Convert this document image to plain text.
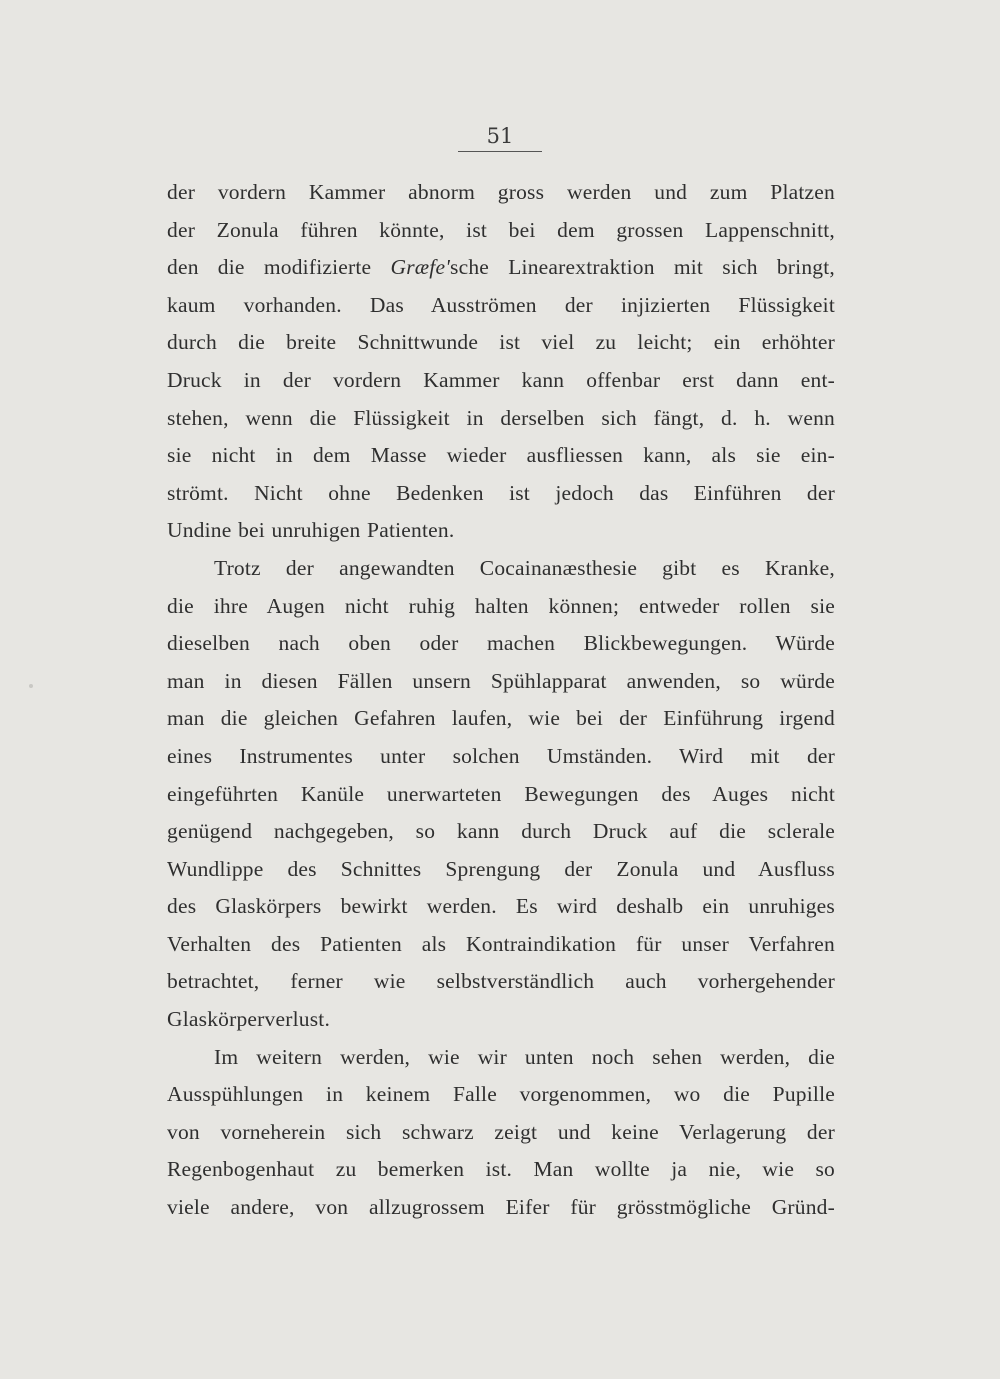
51
der vordern Kammer abnorm gross werden und zum Platzen
der Zonula führen könnte, ist bei dem grossen Lappenschnitt,
den die modifizierte Græfe'sche Linearextraktion mit sich bringt,
kaum vorhanden. Das Ausströmen der injizierten Flüssigkeit
durch die breite Schnittwunde ist viel zu leicht; ein erhöhter
Druck in der vordern Kammer kann offenbar erst dann ent-
stehen, wenn die Flüssigkeit in derselben sich fängt, d. h. wenn
sie nicht in dem Masse wieder ausfliessen kann, als sie ein-
strömt. Nicht ohne Bedenken ist jedoch das Einführen der
Undine bei unruhigen Patienten.
Trotz der angewandten Cocainanæsthesie gibt es Kranke,
die ihre Augen nicht ruhig halten können; entweder rollen sie
dieselben nach oben oder machen Blickbewegungen. Würde
man in diesen Fällen unsern Spühlapparat anwenden, so würde
man die gleichen Gefahren laufen, wie bei der Einführung irgend
eines Instrumentes unter solchen Umständen. Wird mit der
eingeführten Kanüle unerwarteten Bewegungen des Auges nicht
genügend nachgegeben, so kann durch Druck auf die sclerale
Wundlippe des Schnittes Sprengung der Zonula und Ausfluss
des Glaskörpers bewirkt werden. Es wird deshalb ein unruhiges
Verhalten des Patienten als Kontraindikation für unser Verfahren
betrachtet, ferner wie selbstverständlich auch vorhergehender
Glaskörperverlust.
Im weitern werden, wie wir unten noch sehen werden, die
Ausspühlungen in keinem Falle vorgenommen, wo die Pupille
von vorneherein sich schwarz zeigt und keine Verlagerung der
Regenbogenhaut zu bemerken ist. Man wollte ja nie, wie so
viele andere, von allzugrossem Eifer für grösstmögliche Gründ-
